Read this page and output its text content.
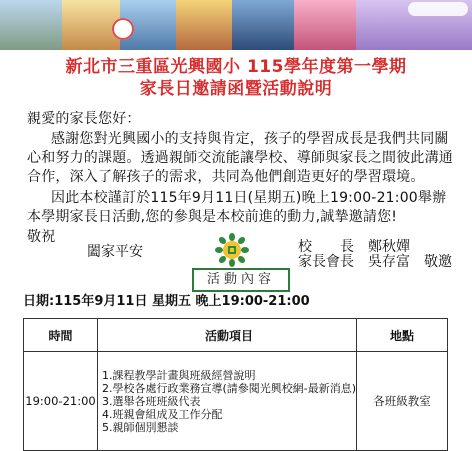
新北市三重區光興國小 115學年度第一學期
家長日邀請函暨活動說明
親愛的家長您好：
感謝您對光興國小的支持與肯定，孩子的學習成長是我們共同關心和努力的課題。透過親師交流能讓學校、導師與家長之間彼此溝通合作，深入了解孩子的需求，共同為他們創造更好的學習環境。
因此本校謹訂於115年9月11日(星期五)晚上19:00-21:00舉辦本學期家長日活動,您的參與是本校前進的動力,誠摯邀請您!
敬祝
闔家平安	校　　長　鄭秋嬋
家長會長　吳存富　敬邀
活動內容
日期:115年9月11日 星期五 晚上19:00-21:00
時間	活動項目	地點
19:00-21:00	1.課程教學計畫與班級經營說明
2.學校各處行政業務宣導(請參閱光興校網-最新消息)
3.選舉各班班級代表
4.班親會組成及工作分配
5.親師個別懇談	各班級教室
